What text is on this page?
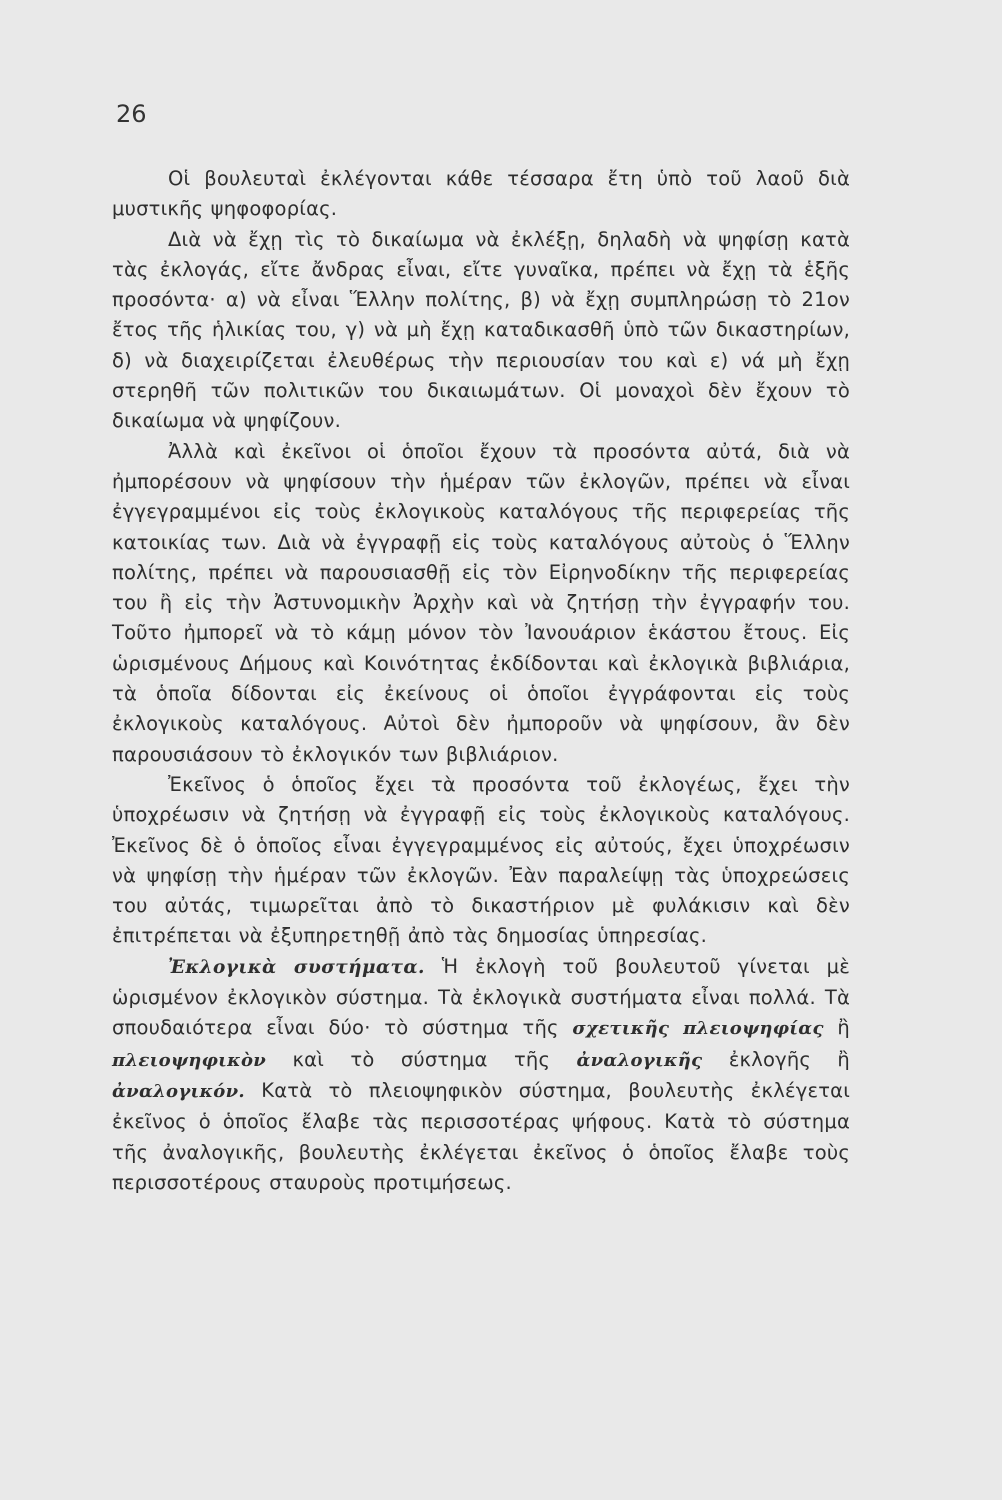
26

Οἱ βουλευταὶ ἐκλέγονται κάθε τέσσαρα ἔτη ὑπὸ τοῦ λαοῦ διὰ μυστικῆς ψηφοφορίας.

Διὰ νὰ ἔχῃ τὶς τὸ δικαίωμα νὰ ἐκλέξῃ, δηλαδὴ νὰ ψηφίσῃ κατὰ τὰς ἐκλογάς, εἴτε ἄνδρας εἶναι, εἴτε γυναῖκα, πρέπει νὰ ἔχῃ τὰ ἑξῆς προσόντα· α) νὰ εἶναι Ἕλλην πολίτης, β) νὰ ἔχῃ συμπληρώσῃ τὸ 21ον ἔτος τῆς ἡλικίας του, γ) νὰ μὴ ἔχῃ καταδικασθῆ ὑπὸ τῶν δικαστηρίων, δ) νὰ διαχειρίζεται ἐλευθέρως τὴν περιουσίαν του καὶ ε) νά μὴ ἔχῃ στερηθῆ τῶν πολιτικῶν του δικαιωμάτων. Οἱ μοναχοὶ δὲν ἔχουν τὸ δικαίωμα νὰ ψηφίζουν.

Ἀλλὰ καὶ ἐκεῖνοι οἱ ὁποῖοι ἔχουν τὰ προσόντα αὐτά, διὰ νὰ ἠμπορέσουν νὰ ψηφίσουν τὴν ἡμέραν τῶν ἐκλογῶν, πρέπει νὰ εἶναι ἐγγεγραμμένοι εἰς τοὺς ἐκλογικοὺς καταλόγους τῆς περιφερείας τῆς κατοικίας των. Διὰ νὰ ἐγγραφῇ εἰς τοὺς καταλόγους αὐτοὺς ὁ Ἕλλην πολίτης, πρέπει νὰ παρουσιασθῇ εἰς τὸν Εἰρηνοδίκην τῆς περιφερείας του ἢ εἰς τὴν Ἀστυνομικὴν Ἀρχὴν καὶ νὰ ζητήσῃ τὴν ἐγγραφήν του. Τοῦτο ἠμπορεῖ νὰ τὸ κάμῃ μόνον τὸν Ἰανουάριον ἑκάστου ἔτους. Εἰς ὡρισμένους Δήμους καὶ Κοινότητας ἐκδίδονται καὶ ἐκλογικὰ βιβλιάρια, τὰ ὁποῖα δίδονται εἰς ἐκείνους οἱ ὁποῖοι ἐγγράφονται εἰς τοὺς ἐκλογικοὺς καταλόγους. Αὐτοὶ δὲν ἠμποροῦν νὰ ψηφίσουν, ἂν δὲν παρουσιάσουν τὸ ἐκλογικόν των βιβλιάριον.

Ἐκεῖνος ὁ ὁποῖος ἔχει τὰ προσόντα τοῦ ἐκλογέως, ἔχει τὴν ὑποχρέωσιν νὰ ζητήσῃ νὰ ἐγγραφῇ εἰς τοὺς ἐκλογικοὺς καταλόγους. Ἐκεῖνος δὲ ὁ ὁποῖος εἶναι ἐγγεγραμμένος εἰς αὐτούς, ἔχει ὑποχρέωσιν νὰ ψηφίσῃ τὴν ἡμέραν τῶν ἐκλογῶν. Ἐὰν παραλείψῃ τὰς ὑποχρεώσεις του αὐτάς, τιμωρεῖται ἀπὸ τὸ δικαστήριον μὲ φυλάκισιν καὶ δὲν ἐπιτρέπεται νὰ ἐξυπηρετηθῇ ἀπὸ τὰς δημοσίας ὑπηρεσίας.

Ἐκλογικὰ συστήματα. Ἡ ἐκλογὴ τοῦ βουλευτοῦ γίνεται μὲ ὡρισμένον ἐκλογικὸν σύστημα. Τὰ ἐκλογικὰ συστήματα εἶναι πολλά. Τὰ σπουδαιότερα εἶναι δύο· τὸ σύστημα τῆς σχετικῆς πλειοψηφίας ἢ πλειοψηφικὸν καὶ τὸ σύστημα τῆς ἀναλογικῆς ἐκλογῆς ἢ ἀναλογικόν. Κατὰ τὸ πλειοψηφικὸν σύστημα, βουλευτὴς ἐκλέγεται ἐκεῖνος ὁ ὁποῖος ἔλαβε τὰς περισσοτέρας ψήφους. Κατὰ τὸ σύστημα τῆς ἀναλογικῆς, βουλευτὴς ἐκλέγεται ἐκεῖνος ὁ ὁποῖος ἔλαβε τοὺς περισσοτέρους σταυροὺς προτιμήσεως.
